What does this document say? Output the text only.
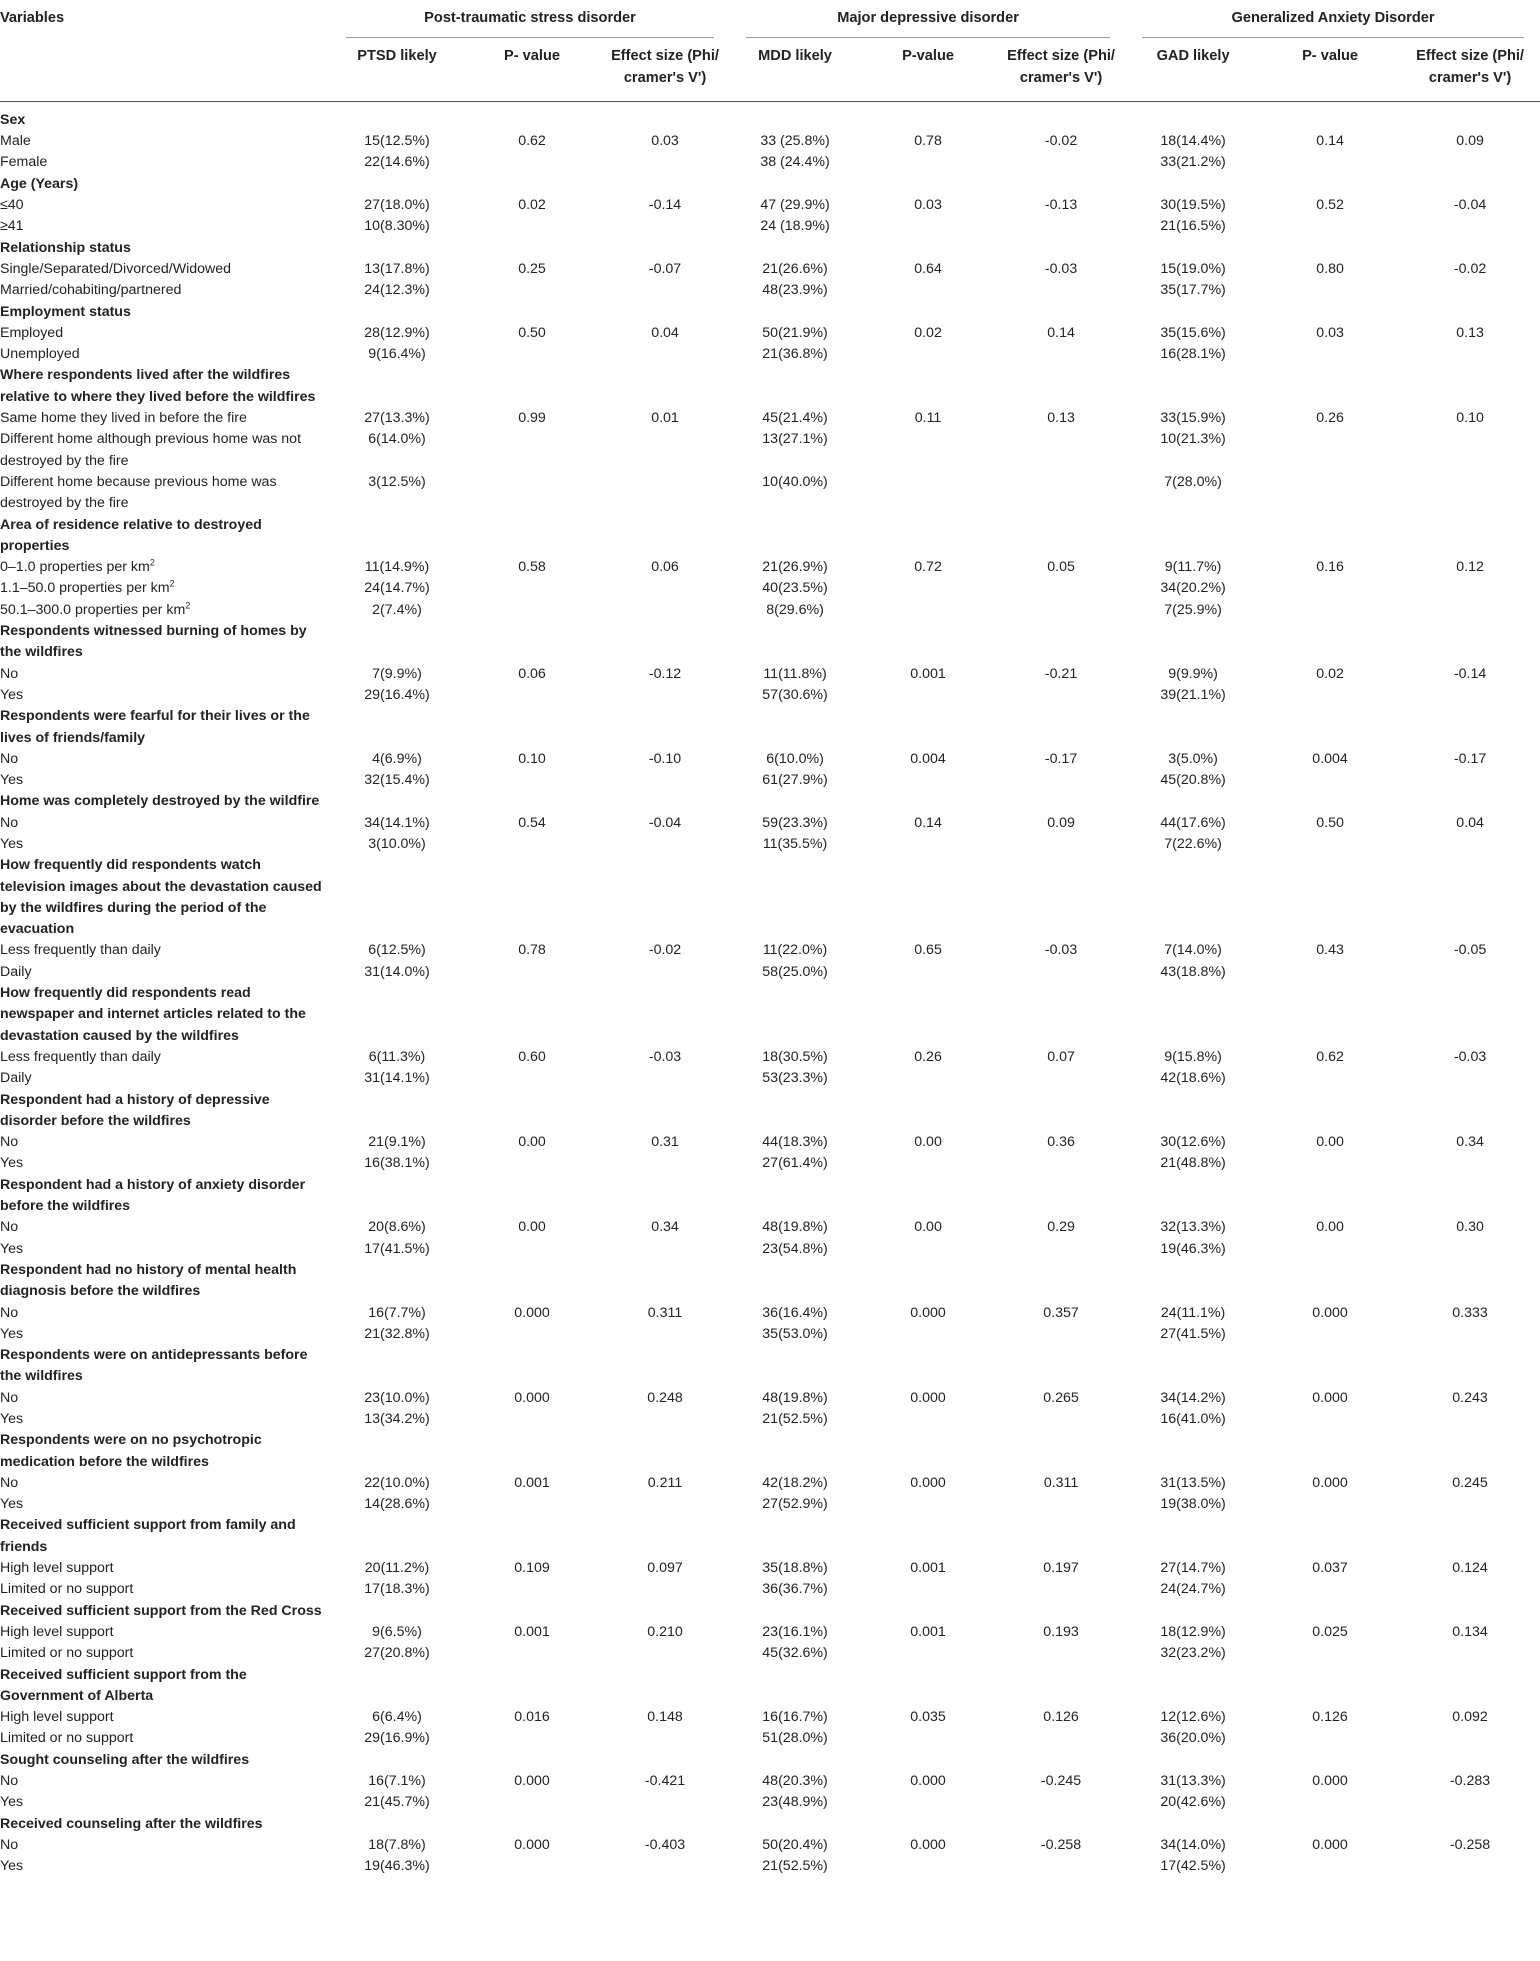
Variables	Post-traumatic stress disorder			Major depressive disorder			Generalized Anxiety Disorder		

	PTSD likely	P- value	Effect size (Phi/ cramer's V')	MDD likely	P-value	Effect size (Phi/ cramer's V')	GAD likely	P- value	Effect size (Phi/ cramer's V')
Sex									
Male	15(12.5%)	0.62	0.03	33 (25.8%)	0.78	-0.02	18(14.4%)	0.14	0.09
Female	22(14.6%)			38 (24.4%)			33(21.2%)		
Age (Years)									
≤40	27(18.0%)	0.02	-0.14	47 (29.9%)	0.03	-0.13	30(19.5%)	0.52	-0.04
≥41	10(8.30%)			24 (18.9%)			21(16.5%)		
Relationship status									
Single/Separated/Divorced/Widowed	13(17.8%)	0.25	-0.07	21(26.6%)	0.64	-0.03	15(19.0%)	0.80	-0.02
Married/cohabiting/partnered	24(12.3%)			48(23.9%)			35(17.7%)		
Employment status									
Employed	28(12.9%)	0.50	0.04	50(21.9%)	0.02	0.14	35(15.6%)	0.03	0.13
Unemployed	9(16.4%)			21(36.8%)			16(28.1%)		
Where respondents lived after the wildfires relative to where they lived before the wildfires									
Same home they lived in before the fire	27(13.3%)	0.99	0.01	45(21.4%)	0.11	0.13	33(15.9%)	0.26	0.10
Different home although previous home was not destroyed by the fire	6(14.0%)			13(27.1%)			10(21.3%)		
Different home because previous home was destroyed by the fire	3(12.5%)			10(40.0%)			7(28.0%)		
Area of residence relative to destroyed properties									
0–1.0 properties per $km^2$	11(14.9%)	0.58	0.06	21(26.9%)	0.72	0.05	9(11.7%)	0.16	0.12
1.1–50.0 properties per $km^2$	24(14.7%)			40(23.5%)			34(20.2%)		
50.1–300.0 properties per $km^2$	2(7.4%)			8(29.6%)			7(25.9%)		
Respondents witnessed burning of homes by the wildfires									
No	7(9.9%)	0.06	-0.12	11(11.8%)	0.001	-0.21	9(9.9%)	0.02	-0.14
Yes	29(16.4%)			57(30.6%)			39(21.1%)		
Respondents were fearful for their lives or the lives of friends/family									
No	4(6.9%)	0.10	-0.10	6(10.0%)	0.004	-0.17	3(5.0%)	0.004	-0.17
Yes	32(15.4%)			61(27.9%)			45(20.8%)		
Home was completely destroyed by the wildfire									
No	34(14.1%)	0.54	-0.04	59(23.3%)	0.14	0.09	44(17.6%)	0.50	0.04
Yes	3(10.0%)			11(35.5%)			7(22.6%)		
How frequently did respondents watch television images about the devastation caused by the wildfires during the period of the evacuation									
Less frequently than daily	6(12.5%)	0.78	-0.02	11(22.0%)	0.65	-0.03	7(14.0%)	0.43	-0.05
Daily	31(14.0%)			58(25.0%)			43(18.8%)		
How frequently did respondents read newspaper and internet articles related to the devastation caused by the wildfires									
Less frequently than daily	6(11.3%)	0.60	-0.03	18(30.5%)	0.26	0.07	9(15.8%)	0.62	-0.03
Daily	31(14.1%)			53(23.3%)			42(18.6%)		
Respondent had a history of depressive disorder before the wildfires									
No	21(9.1%)	0.00	0.31	44(18.3%)	0.00	0.36	30(12.6%)	0.00	0.34
Yes	16(38.1%)			27(61.4%)			21(48.8%)		
Respondent had a history of anxiety disorder before the wildfires									
No	20(8.6%)	0.00	0.34	48(19.8%)	0.00	0.29	32(13.3%)	0.00	0.30
Yes	17(41.5%)			23(54.8%)			19(46.3%)		
Respondent had no history of mental health diagnosis before the wildfires									
No	16(7.7%)	0.000	0.311	36(16.4%)	0.000	0.357	24(11.1%)	0.000	0.333
Yes	21(32.8%)			35(53.0%)			27(41.5%)		
Respondents were on antidepressants before the wildfires									
No	23(10.0%)	0.000	0.248	48(19.8%)	0.000	0.265	34(14.2%)	0.000	0.243
Yes	13(34.2%)			21(52.5%)			16(41.0%)		
Respondents were on no psychotropic medication before the wildfires									
No	22(10.0%)	0.001	0.211	42(18.2%)	0.000	0.311	31(13.5%)	0.000	0.245
Yes	14(28.6%)			27(52.9%)			19(38.0%)		
Received sufficient support from family and friends									
High level support	20(11.2%)	0.109	0.097	35(18.8%)	0.001	0.197	27(14.7%)	0.037	0.124
Limited or no support	17(18.3%)			36(36.7%)			24(24.7%)		
Received sufficient support from the Red Cross									
High level support	9(6.5%)	0.001	0.210	23(16.1%)	0.001	0.193	18(12.9%)	0.025	0.134
Limited or no support	27(20.8%)			45(32.6%)			32(23.2%)		
Received sufficient support from the Government of Alberta									
High level support	6(6.4%)	0.016	0.148	16(16.7%)	0.035	0.126	12(12.6%)	0.126	0.092
Limited or no support	29(16.9%)			51(28.0%)			36(20.0%)		
Sought counseling after the wildfires									
No	16(7.1%)	0.000	-0.421	48(20.3%)	0.000	-0.245	31(13.3%)	0.000	-0.283
Yes	21(45.7%)			23(48.9%)			20(42.6%)		
Received counseling after the wildfires									
No	18(7.8%)	0.000	-0.403	50(20.4%)	0.000	-0.258	34(14.0%)	0.000	-0.258
Yes	19(46.3%)			21(52.5%)			17(42.5%)		
